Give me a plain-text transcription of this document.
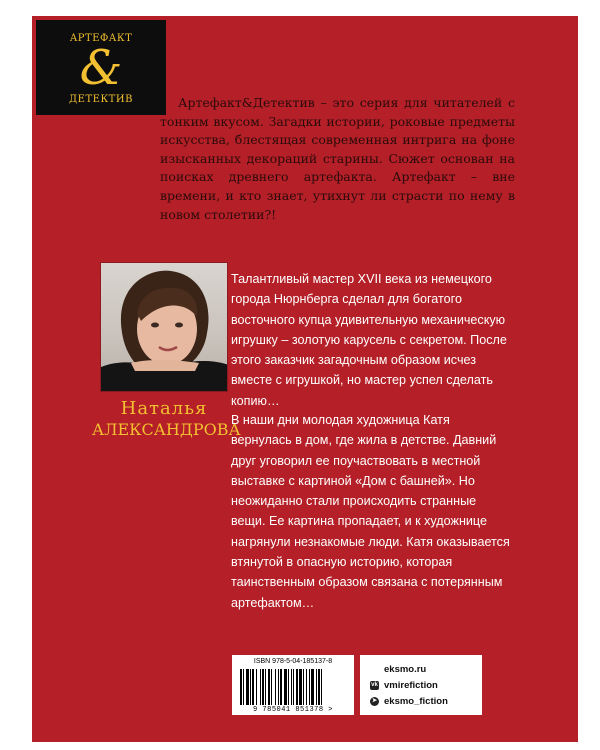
АРТЕФАКТ
&
ДЕТЕКТИВ	Артефакт&Детектив – это серия для читателей с тонким вкусом. Загадки истории, роковые предметы искусства, блестящая современная интрига на фоне изысканных декораций старины. Сюжет основан на поисках древнего артефакта. Артефакт – вне времени, и кто знает, утихнут ли страсти по нему в новом столетии?!

Наталья
АЛЕКСАНДРОВА

Талантливый мастер XVII века из немецкого города Нюрнберга сделал для богатого восточного купца удивительную механическую игрушку – золотую карусель с секретом. После этого заказчик загадочным образом исчез вместе с игрушкой, но мастер успел сделать копию…

В наши дни молодая художница Катя вернулась в дом, где жила в детстве. Давний друг уговорил ее поучаствовать в местной выставке с картиной «Дом с башней». Но неожиданно стали происходить странные вещи. Ее картина пропадает, и к художнице нагрянули незнакомые люди. Катя оказывается втянутой в опасную историю, которая таинственным образом связана с потерянным артефактом…

ISBN 978-5-04-185137-8
9 785041 851378 >
eksmo.ru
vk vmirefiction
➤ eksmo_fiction
